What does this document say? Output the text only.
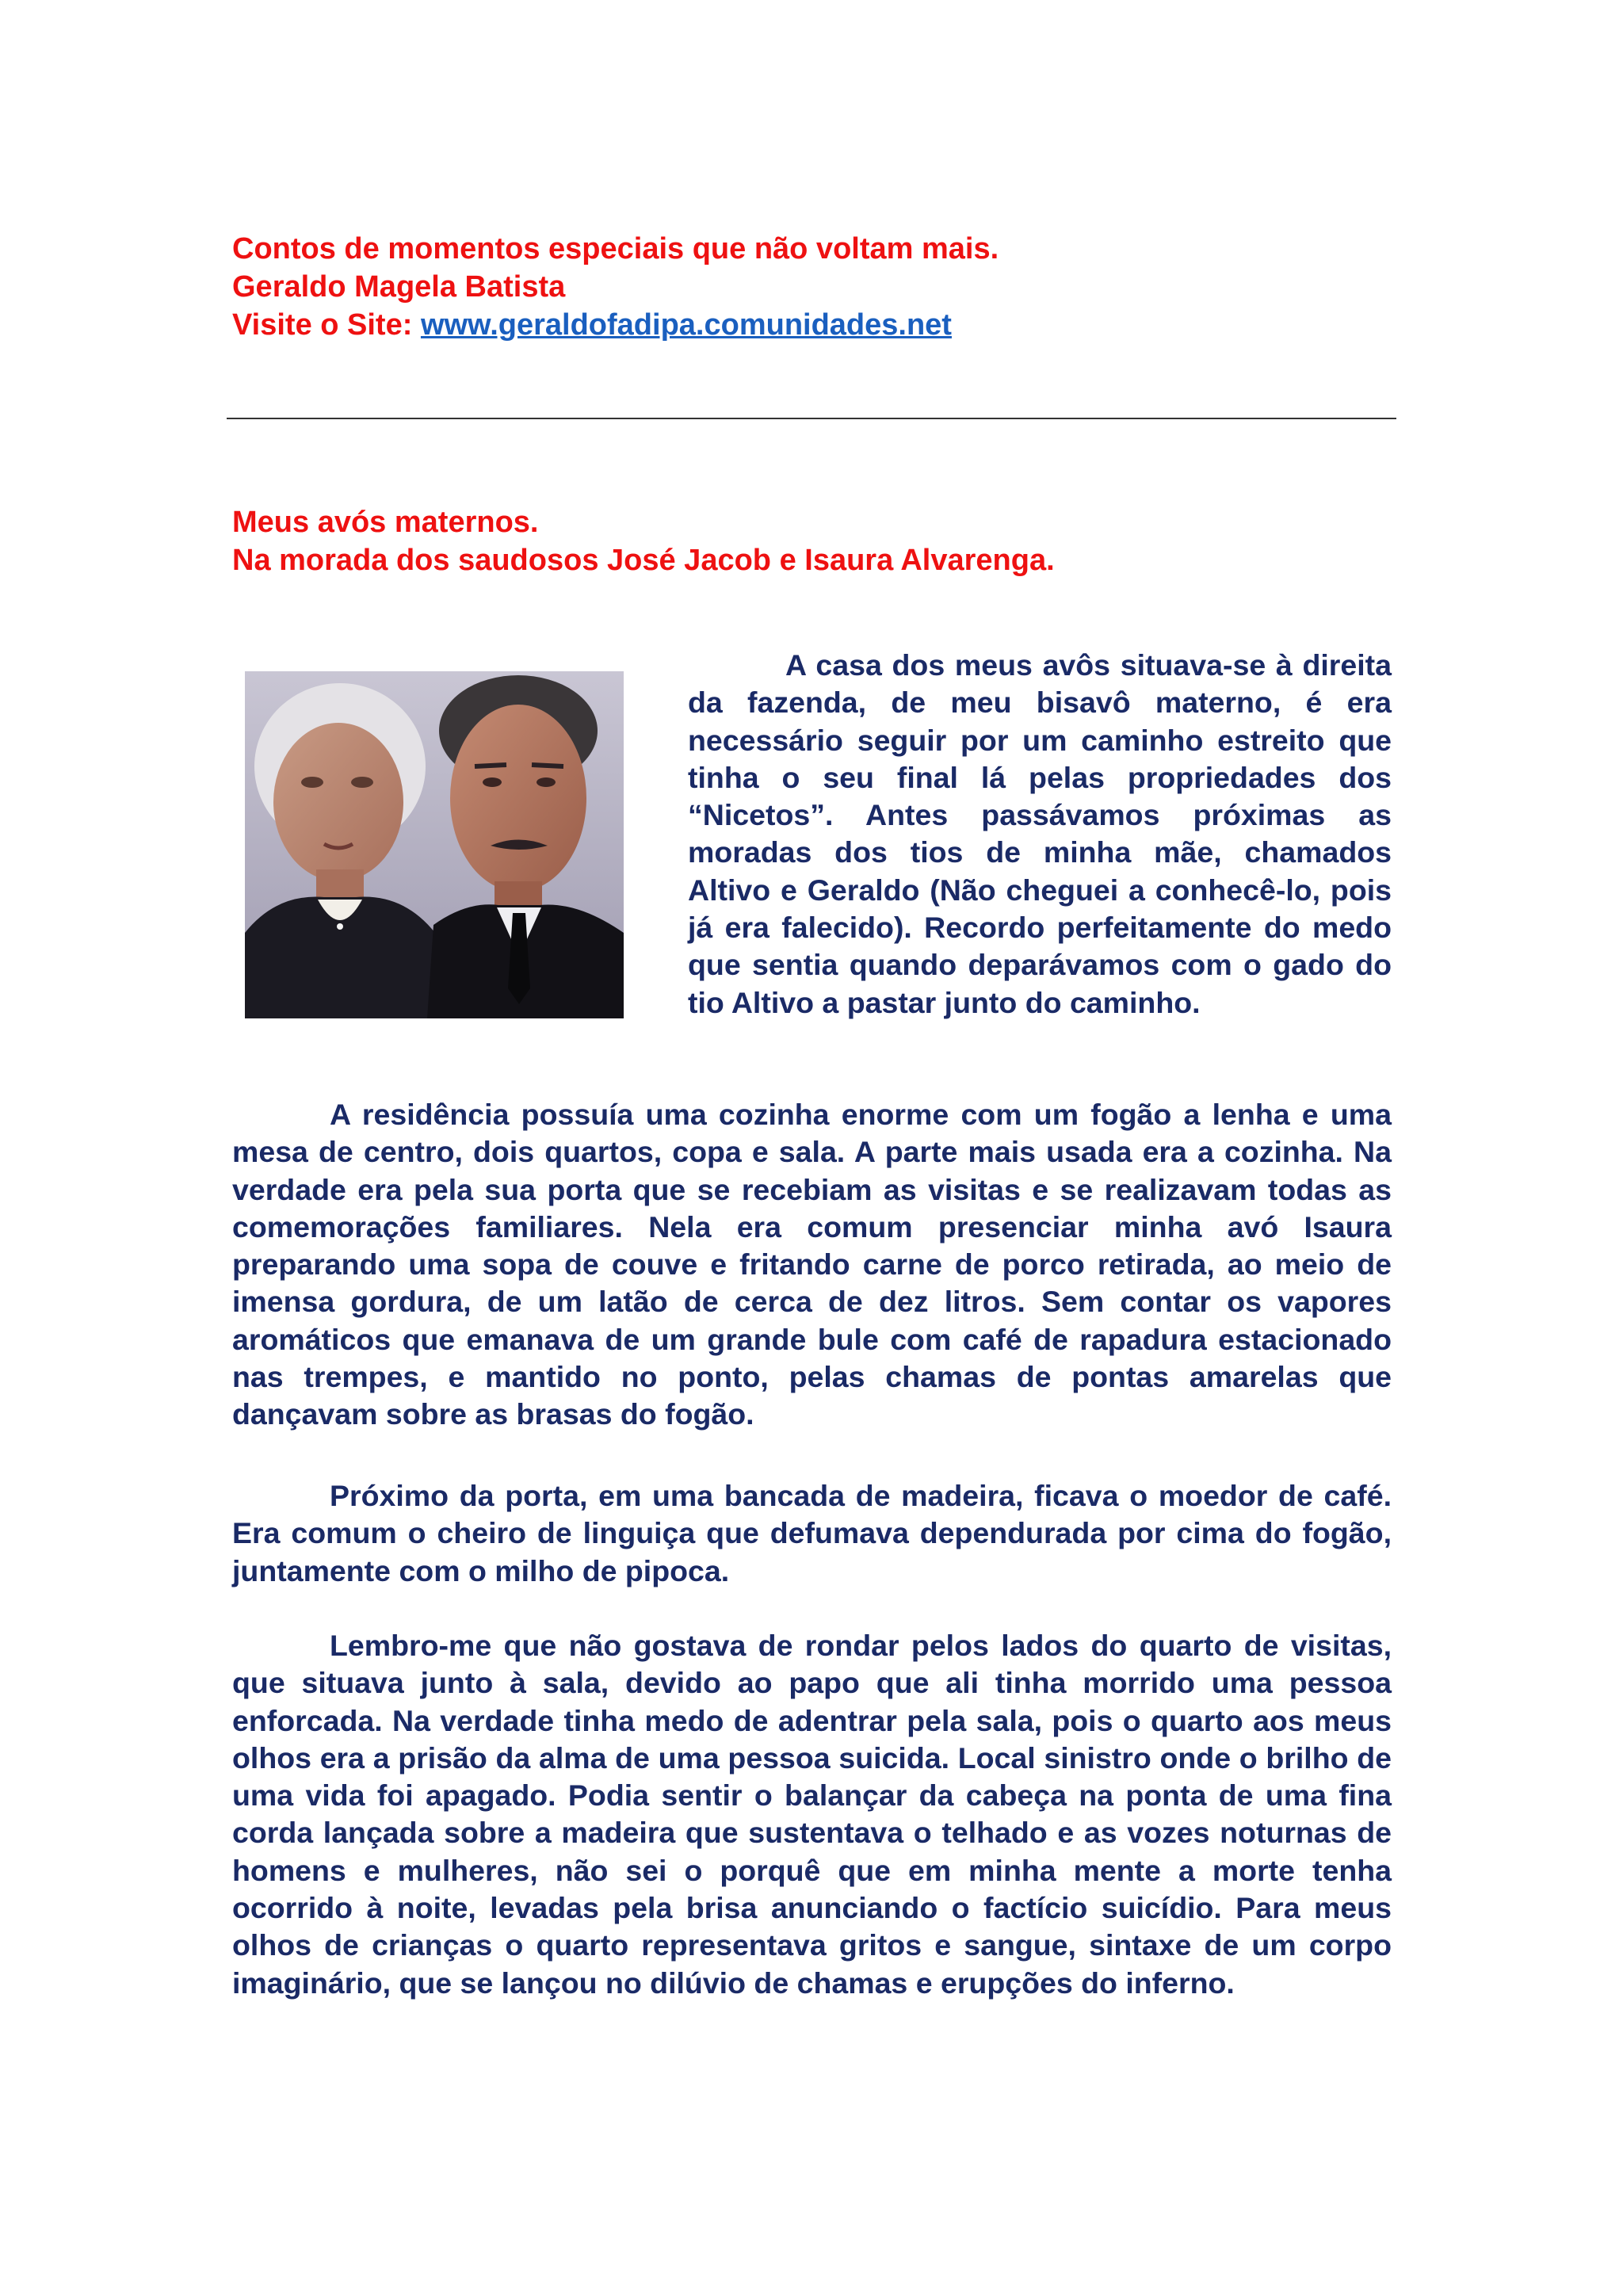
Contos de momentos especiais que não voltam mais.
Geraldo Magela Batista
Visite o Site: www.geraldofadipa.comunidades.net
Meus avós maternos.
Na morada dos saudosos José Jacob e Isaura Alvarenga.

A casa dos meus avôs situava-se à direita da fazenda, de meu bisavô materno, é era necessário seguir por um caminho estreito que tinha o seu final lá pelas propriedades dos “Nicetos”. Antes passávamos próximas as moradas dos tios de minha mãe, chamados Altivo e Geraldo (Não cheguei a conhecê-lo, pois já era falecido). Recordo perfeitamente do medo que sentia quando deparávamos com o gado do tio Altivo a pastar junto do caminho.

A residência possuía uma cozinha enorme com um fogão a lenha e uma mesa de centro, dois quartos, copa e sala. A parte mais usada era a cozinha. Na verdade era pela sua porta que se recebiam as visitas e se realizavam todas as comemorações familiares. Nela era comum presenciar minha avó Isaura preparando uma sopa de couve e fritando carne de porco retirada, ao meio de imensa gordura, de um latão de cerca de dez litros. Sem contar os vapores aromáticos que emanava de um grande bule com café de rapadura estacionado nas trempes, e mantido no ponto, pelas chamas de pontas amarelas que dançavam sobre as brasas do fogão.

Próximo da porta, em uma bancada de madeira, ficava o moedor de café. Era comum o cheiro de linguiça que defumava dependurada por cima do fogão, juntamente com o milho de pipoca.

Lembro-me que não gostava de rondar pelos lados do quarto de visitas, que situava junto à sala, devido ao papo que ali tinha morrido uma pessoa enforcada. Na verdade tinha medo de adentrar pela sala, pois o quarto aos meus olhos era a prisão da alma de uma pessoa suicida. Local sinistro onde o brilho de uma vida foi apagado. Podia sentir o balançar da cabeça na ponta de uma fina corda lançada sobre a madeira que sustentava o telhado e as vozes noturnas de homens e mulheres, não sei o porquê que em minha mente a morte tenha ocorrido à noite, levadas pela brisa anunciando o factício suicídio. Para meus olhos de crianças o quarto representava gritos e sangue, sintaxe de um corpo imaginário, que se lançou no dilúvio de chamas e erupções do inferno.
